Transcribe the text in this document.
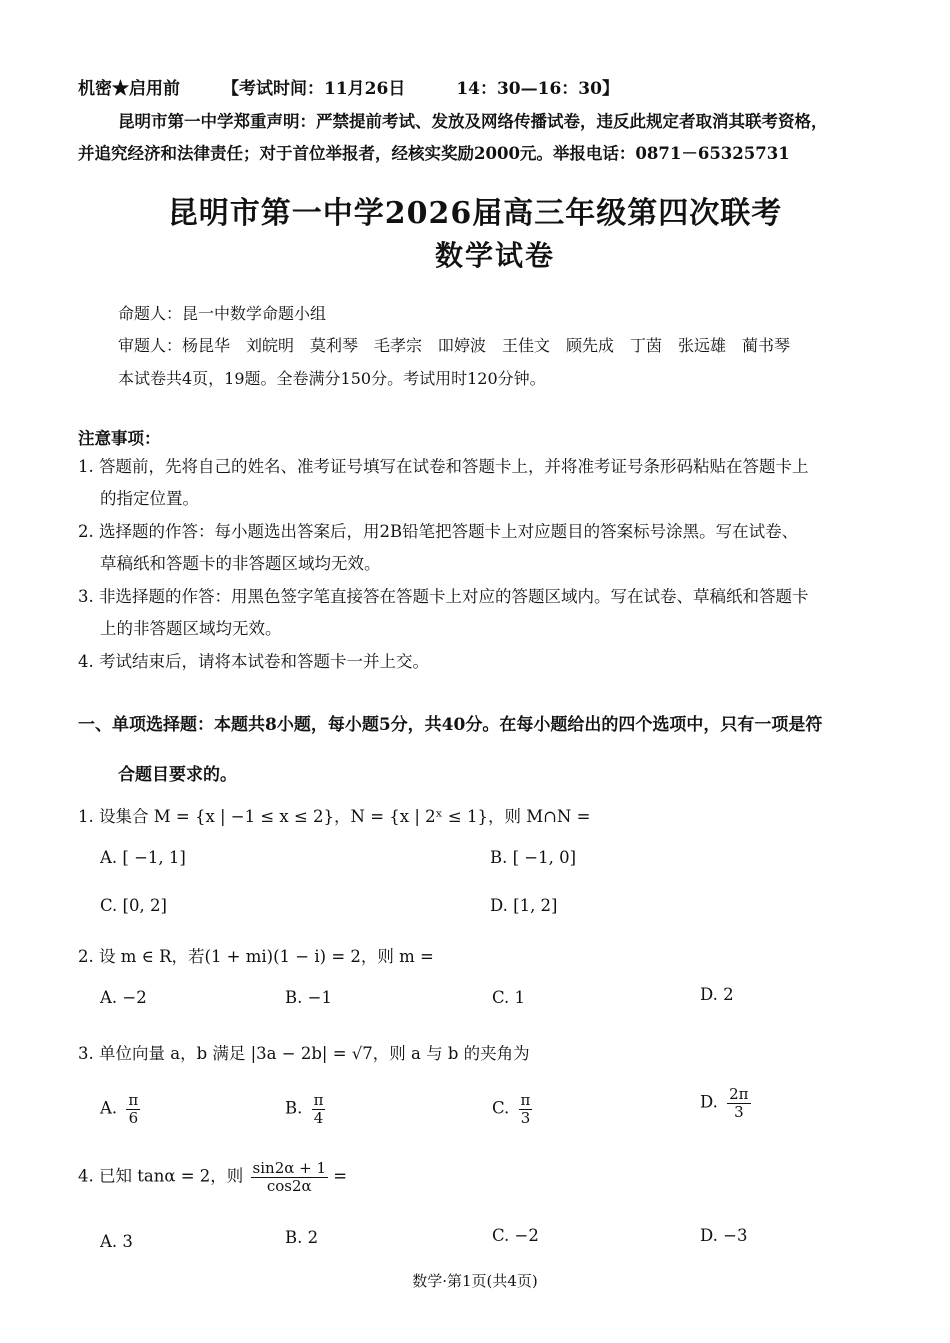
机密★启用前 【考试时间：11月26日　　　14：30—16：30】
昆明市第一中学郑重声明：严禁提前考试、发放及网络传播试卷，违反此规定者取消其联考资格，
并追究经济和法律责任；对于首位举报者，经核实奖励2000元。举报电话：0871－65325731
昆明市第一中学2026届高三年级第四次联考
数学试卷
命题人：昆一中数学命题小组
审题人：杨昆华　刘皖明　莫利琴　毛孝宗　吅婷波　王佳文　顾先成　丁茵　张远雄　蔺书琴
本试卷共4页，19题。全卷满分150分。考试用时120分钟。
注意事项：
1. 答题前，先将自己的姓名、准考证号填写在试卷和答题卡上，并将准考证号条形码粘贴在答题卡上
的指定位置。
2. 选择题的作答：每小题选出答案后，用2B铅笔把答题卡上对应题目的答案标号涂黑。写在试卷、
草稿纸和答题卡的非答题区域均无效。
3. 非选择题的作答：用黑色签字笔直接答在答题卡上对应的答题区域内。写在试卷、草稿纸和答题卡
上的非答题区域均无效。
4. 考试结束后，请将本试卷和答题卡一并上交。
一、单项选择题：本题共8小题，每小题5分，共40分。在每小题给出的四个选项中，只有一项是符
合题目要求的。
1. 设集合 M = {x | −1 ≤ x ≤ 2}，N = {x | 2ˣ ≤ 1}，则 M∩N =
A. [ −1, 1]	B. [ −1, 0]
C. [0, 2]	D. [1, 2]
2. 设 m ∈ R，若(1 + mi)(1 − i) = 2，则 m =
A. −2	B. −1	C. 1	D. 2
3. 单位向量 a，b 满足 |3a − 2b| = √7，则 a 与 b 的夹角为
A. $\frac{\pi}{6}$	B. $\frac{\pi}{4}$	C. $\frac{\pi}{3}$	D. $\frac{2\pi}{3}$
4. 已知 tanα = 2，则 $\frac{\sin 2\alpha + 1}{\cos 2\alpha}$ =
A. 3	B. 2	C. −2	D. −3
数学·第1页(共4页)
